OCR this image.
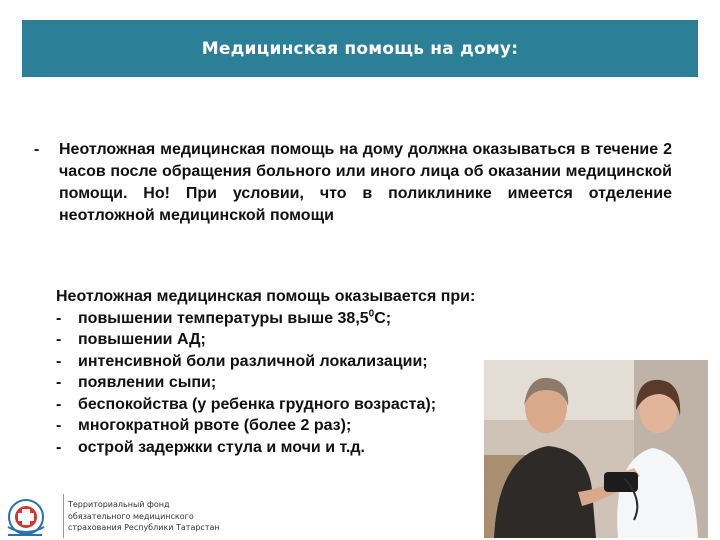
Медицинская помощь на дому:
- Неотложная медицинская помощь на дому должна оказываться в течение 2 часов после обращения больного или иного лица об оказании медицинской помощи. Но! При условии, что в поликлинике имеется отделение неотложной медицинской помощи
Неотложная медицинская помощь оказывается при:
-	повышении температуры выше 38,5$^0$С;
-	повышении АД;
-	интенсивной боли различной локализации;
-	появлении сыпи;
-	беспокойства (у ребенка грудного возраста);
-	многократной рвоте (более 2 раз);
-	острой задержки стула и мочи и т.д.
Территориальный фонд
обязательного медицинского
страхования Республики Татарстан
